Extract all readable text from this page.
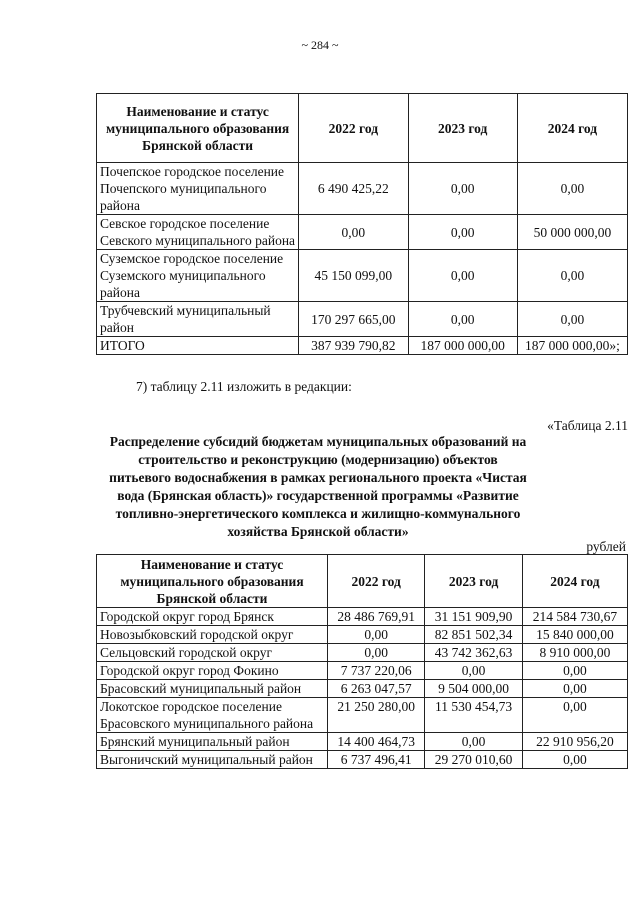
~ 284 ~
Наименование и статус муниципального образования Брянской области	2022 год	2023 год	2024 год
Почепское городское поселение Почепского муниципального района	6 490 425,22	0,00	0,00
Севское городское поселение Севского муниципального района	0,00	0,00	50 000 000,00
Суземское городское поселение Суземского муниципального района	45 150 099,00	0,00	0,00
Трубчевский муниципальный район	170 297 665,00	0,00	0,00
ИТОГО	387 939 790,82	187 000 000,00	187 000 000,00»;
7) таблицу 2.11 изложить в редакции:
«Таблица 2.11
Распределение субсидий бюджетам муниципальных образований на строительство и реконструкцию (модернизацию) объектов питьевого водоснабжения в рамках регионального проекта «Чистая вода (Брянская область)» государственной программы «Развитие топливно-энергетического комплекса и жилищно-коммунального хозяйства Брянской области»
рублей
Наименование и статус муниципального образования Брянской области	2022 год	2023 год	2024 год
Городской округ город Брянск	28 486 769,91	31 151 909,90	214 584 730,67
Новозыбковский городской округ	0,00	82 851 502,34	15 840 000,00
Сельцовский городской округ	0,00	43 742 362,63	8 910 000,00
Городской округ город Фокино	7 737 220,06	0,00	0,00
Брасовский муниципальный район	6 263 047,57	9 504 000,00	0,00
Локотское городское поселение Брасовского муниципального района	21 250 280,00	11 530 454,73	0,00
Брянский муниципальный район	14 400 464,73	0,00	22 910 956,20
Выгоничский муниципальный район	6 737 496,41	29 270 010,60	0,00
